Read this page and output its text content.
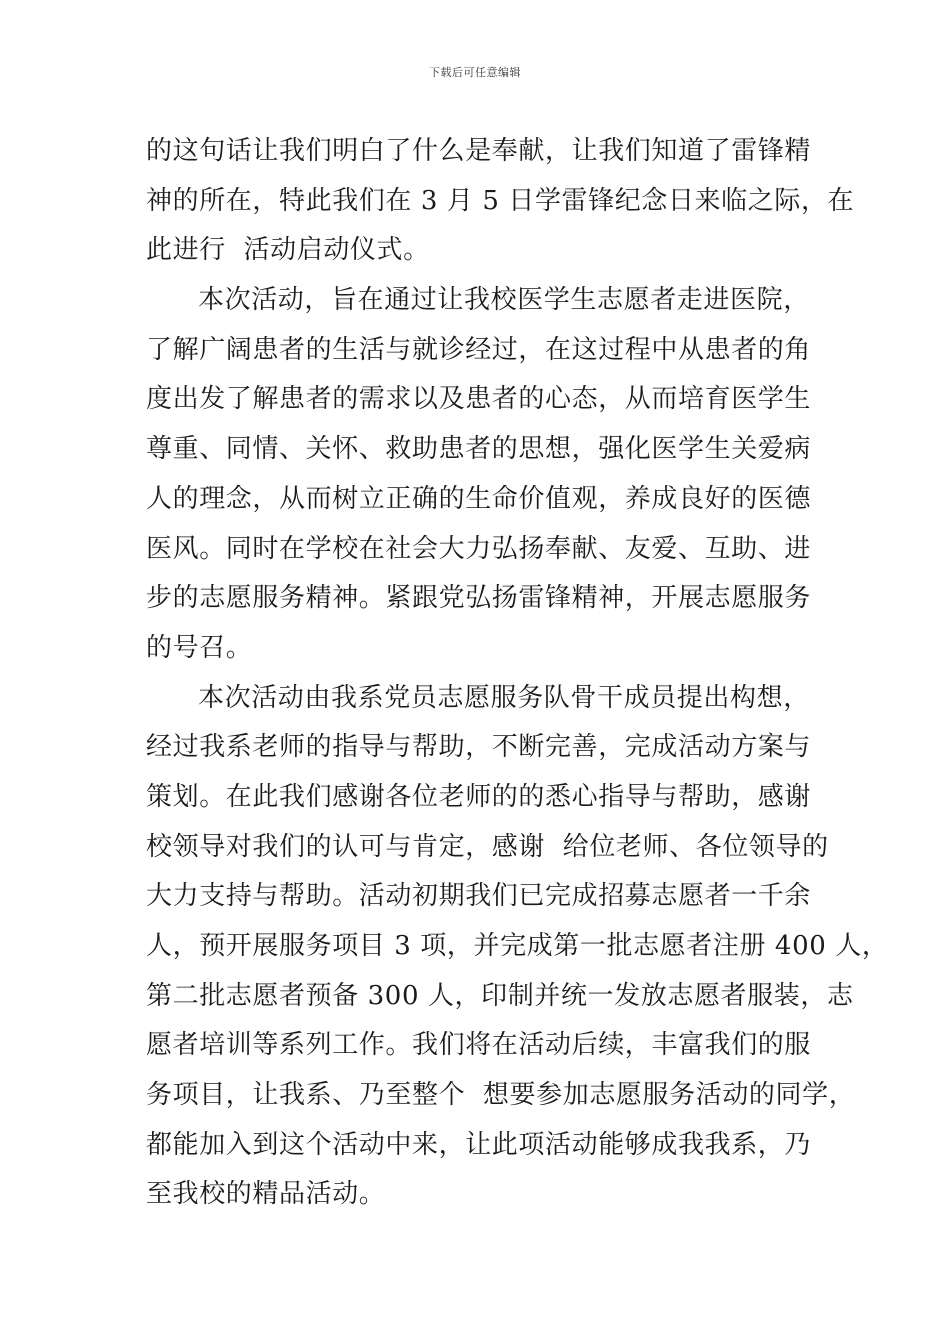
下载后可任意编辑
的这句话让我们明白了什么是奉献，让我们知道了雷锋精
神的所在，特此我们在 3 月 5 日学雷锋纪念日来临之际，在
此进行  活动启动仪式。
本次活动，旨在通过让我校医学生志愿者走进医院，
了解广阔患者的生活与就诊经过，在这过程中从患者的角
度出发了解患者的需求以及患者的心态，从而培育医学生
尊重、同情、关怀、救助患者的思想，强化医学生关爱病
人的理念，从而树立正确的生命价值观，养成良好的医德
医风。同时在学校在社会大力弘扬奉献、友爱、互助、进
步的志愿服务精神。紧跟党弘扬雷锋精神，开展志愿服务
的号召。
本次活动由我系党员志愿服务队骨干成员提出构想，
经过我系老师的指导与帮助，不断完善，完成活动方案与
策划。在此我们感谢各位老师的的悉心指导与帮助，感谢
校领导对我们的认可与肯定，感谢  给位老师、各位领导的
大力支持与帮助。活动初期我们已完成招募志愿者一千余
人，预开展服务项目 3 项，并完成第一批志愿者注册 400 人，
第二批志愿者预备 300 人，印制并统一发放志愿者服装，志
愿者培训等系列工作。我们将在活动后续，丰富我们的服
务项目，让我系、乃至整个  想要参加志愿服务活动的同学，
都能加入到这个活动中来，让此项活动能够成我我系，乃
至我校的精品活动。
